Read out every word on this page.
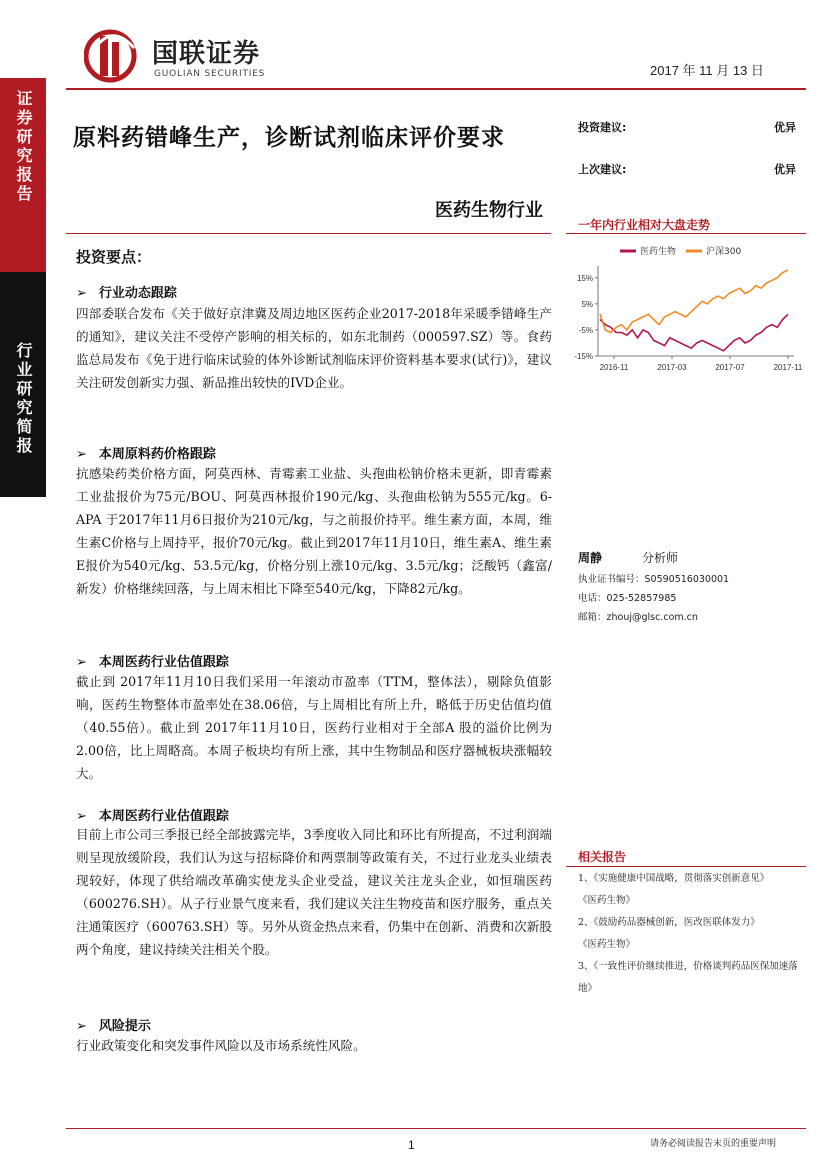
证券研究报告
行业研究简报
国联证券
GUOLIAN SECURITIES	2017 年 11 月 13 日
原料药错峰生产，诊断试剂临床评价要求
医药生物行业
投资建议:	优异
上次建议:	优异
一年内行业相对大盘走势
医药生物	沪深300
15%
5%
-5%
-15%
2016-11	2017-03	2017-07	2017-11
投资要点：
➢ 行业动态跟踪
四部委联合发布《关于做好京津冀及周边地区医药企业2017-2018年采暖季错峰生产的通知》，建议关注不受停产影响的相关标的，如东北制药（000597.SZ）等。食药监总局发布《免于进行临床试验的体外诊断试剂临床评价资料基本要求(试行)》，建议关注研发创新实力强、新品推出较快的IVD企业。
➢ 本周原料药价格跟踪
抗感染药类价格方面，阿莫西林、青霉素工业盐、头孢曲松钠价格未更新，即青霉素工业盐报价为75元/BOU、阿莫西林报价190元/kg、头孢曲松钠为555元/kg。6-APA 于2017年11月6日报价为210元/kg，与之前报价持平。维生素方面，本周，维生素C价格与上周持平，报价70元/kg。截止到2017年11月10日，维生素A、维生素E报价为540元/kg、53.5元/kg，价格分别上涨10元/kg、3.5元/kg；泛酸钙（鑫富/新发）价格继续回落，与上周末相比下降至540元/kg，下降82元/kg。
➢ 本周医药行业估值跟踪
截止到 2017年11月10日我们采用一年滚动市盈率（TTM，整体法），剔除负值影响，医药生物整体市盈率处在38.06倍，与上周相比有所上升，略低于历史估值均值（40.55倍）。截止到 2017年11月10日，医药行业相对于全部A 股的溢价比例为2.00倍，比上周略高。本周子板块均有所上涨，其中生物制品和医疗器械板块涨幅较大。
➢ 本周医药行业估值跟踪
目前上市公司三季报已经全部披露完毕，3季度收入同比和环比有所提高，不过利润端则呈现放缓阶段，我们认为这与招标降价和两票制等政策有关，不过行业龙头业绩表现较好，体现了供给端改革确实使龙头企业受益，建议关注龙头企业，如恒瑞医药（600276.SH）。从子行业景气度来看，我们建议关注生物疫苗和医疗服务，重点关注通策医疗（600763.SH）等。另外从资金热点来看，仍集中在创新、消费和次新股两个角度，建议持续关注相关个股。
➢ 风险提示
行业政策变化和突发事件风险以及市场系统性风险。
周静	分析师
执业证书编号：S0590516030001
电话：025-52857985
邮箱：zhouj@glsc.com.cn
相关报告
1、《实施健康中国战略，贯彻落实创新意见》
《医药生物》
2、《鼓励药品器械创新，医改医联体发力》
《医药生物》
3、《一致性评价继续推进，价格谈判药品医保加速落地》
1	请务必阅读报告末页的重要声明
